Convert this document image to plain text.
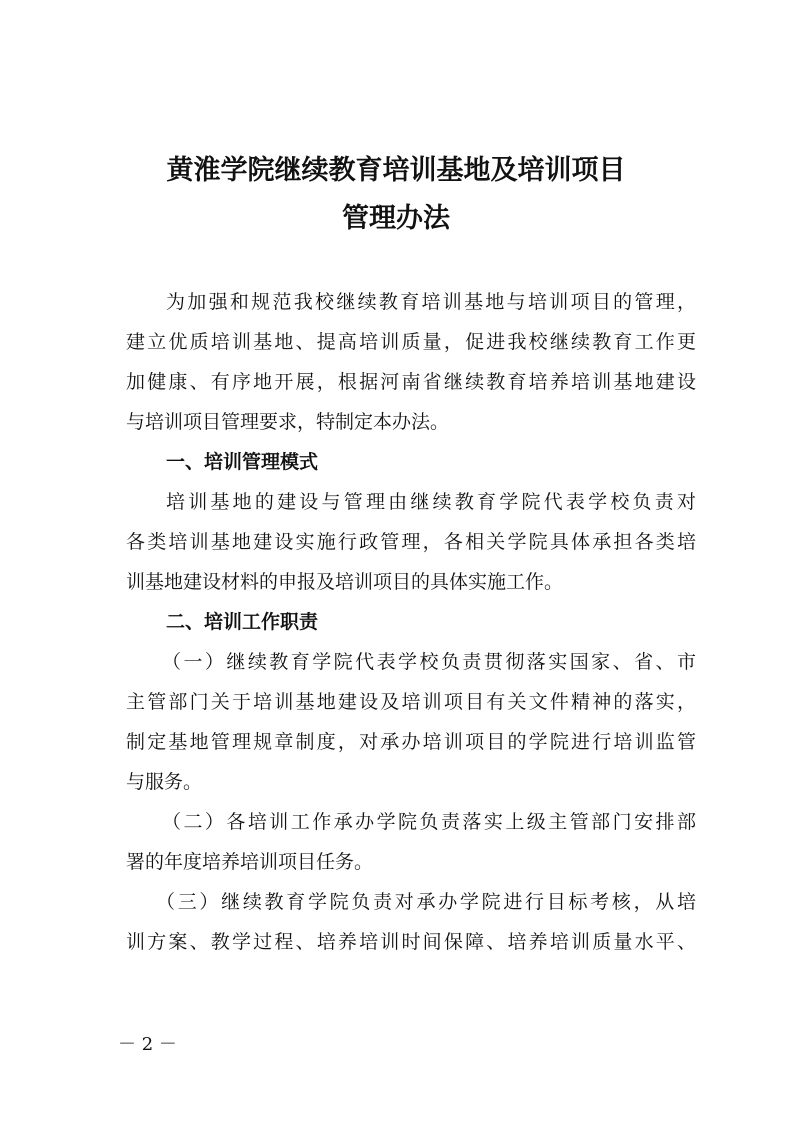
黄淮学院继续教育培训基地及培训项目
管理办法
为加强和规范我校继续教育培训基地与培训项目的管理，
建立优质培训基地、提高培训质量，促进我校继续教育工作更
加健康、有序地开展，根据河南省继续教育培养培训基地建设
与培训项目管理要求，特制定本办法。
一、培训管理模式
培训基地的建设与管理由继续教育学院代表学校负责对
各类培训基地建设实施行政管理，各相关学院具体承担各类培
训基地建设材料的申报及培训项目的具体实施工作。
二、培训工作职责
（一）继续教育学院代表学校负责贯彻落实国家、省、市
主管部门关于培训基地建设及培训项目有关文件精神的落实，
制定基地管理规章制度，对承办培训项目的学院进行培训监管
与服务。
（二）各培训工作承办学院负责落实上级主管部门安排部
署的年度培养培训项目任务。
（三）继续教育学院负责对承办学院进行目标考核，从培
训方案、教学过程、培养培训时间保障、培养培训质量水平、
－ 2 －
